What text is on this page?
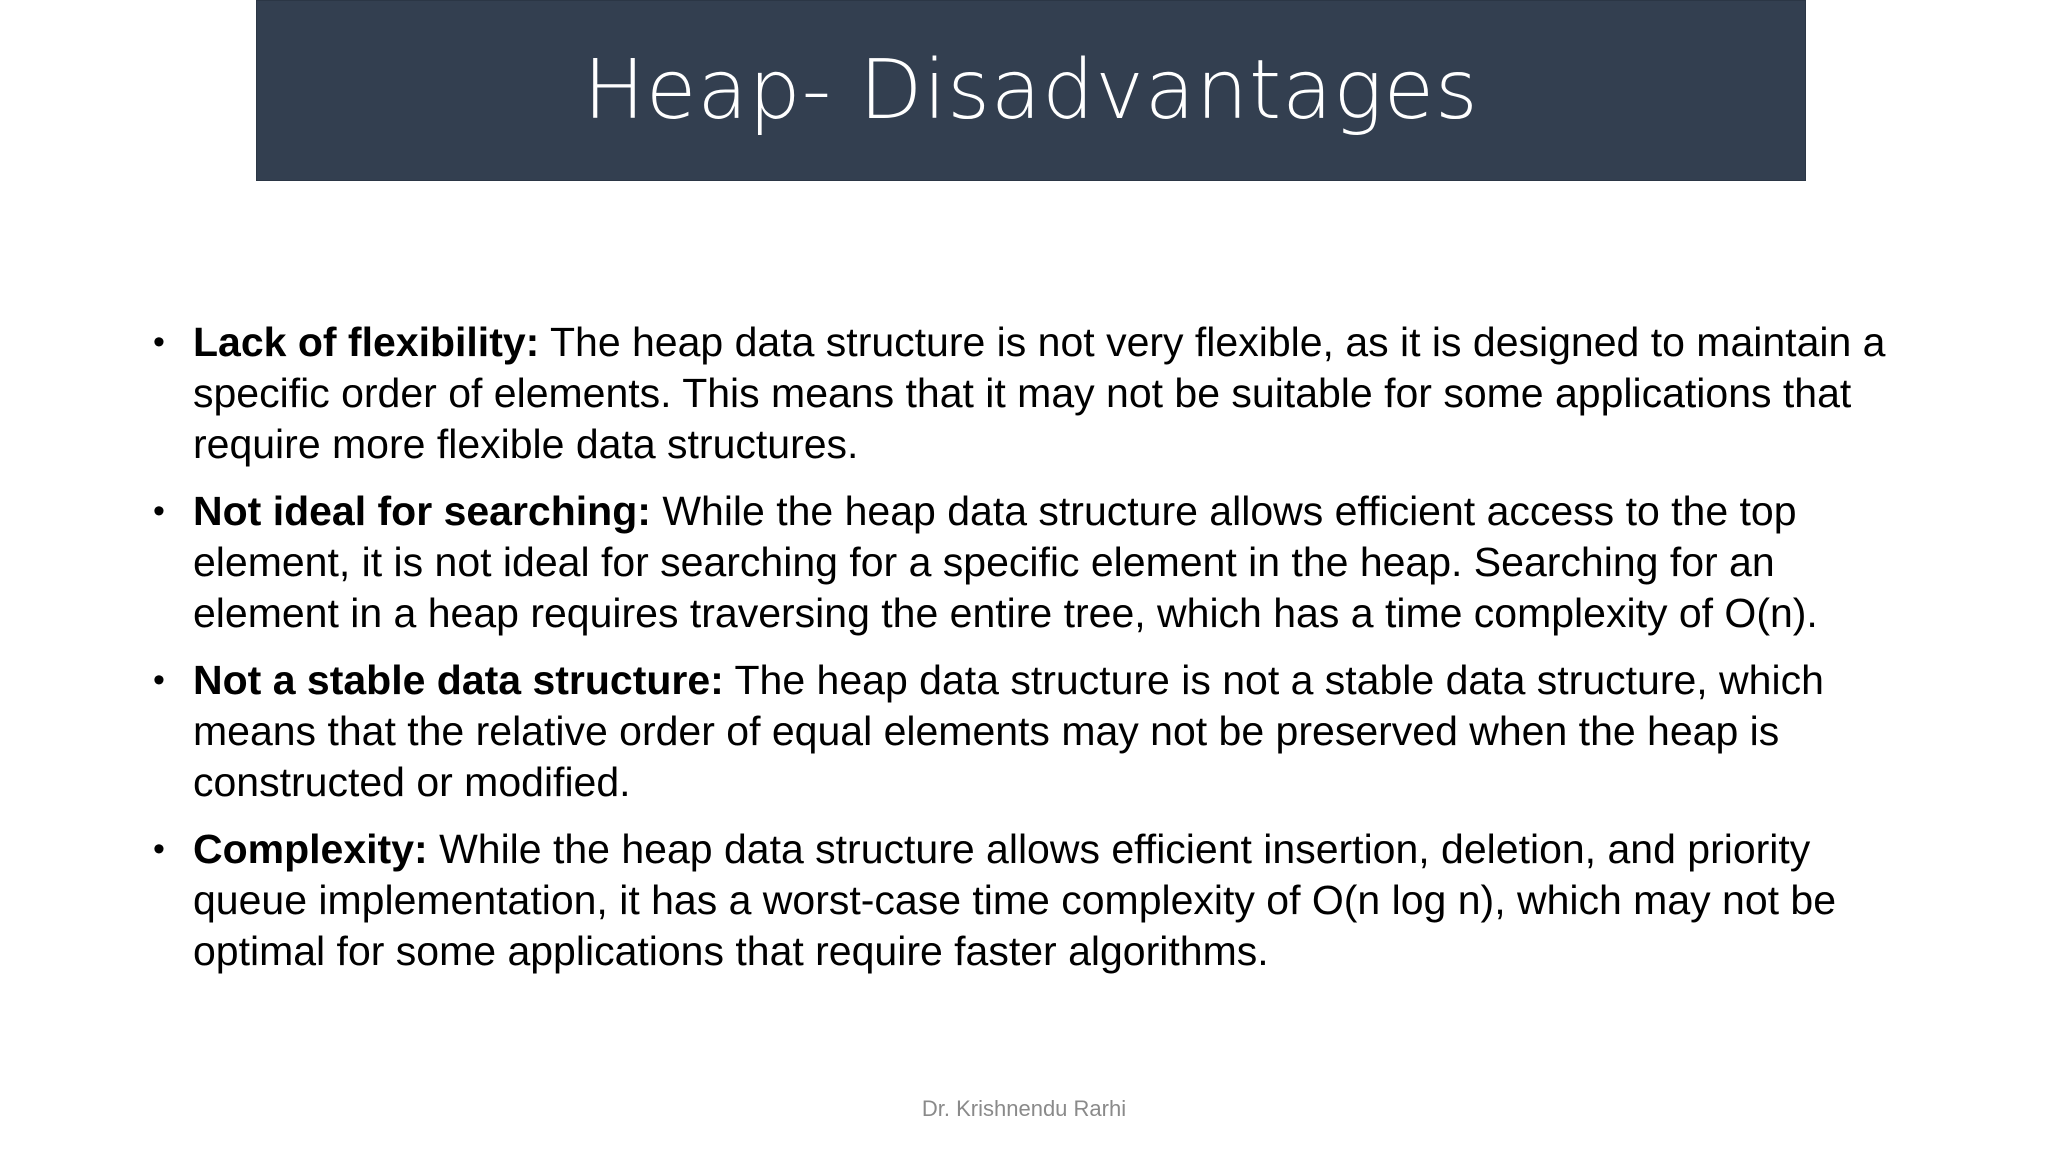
Heap- Disadvantages
• Lack of flexibility: The heap data structure is not very flexible, as it is designed to maintain a specific order of elements. This means that it may not be suitable for some applications that require more flexible data structures.
• Not ideal for searching: While the heap data structure allows efficient access to the top element, it is not ideal for searching for a specific element in the heap. Searching for an element in a heap requires traversing the entire tree, which has a time complexity of O(n).
• Not a stable data structure: The heap data structure is not a stable data structure, which means that the relative order of equal elements may not be preserved when the heap is constructed or modified.
• Complexity: While the heap data structure allows efficient insertion, deletion, and priority queue implementation, it has a worst-case time complexity of O(n log n), which may not be optimal for some applications that require faster algorithms.
Dr. Krishnendu Rarhi
